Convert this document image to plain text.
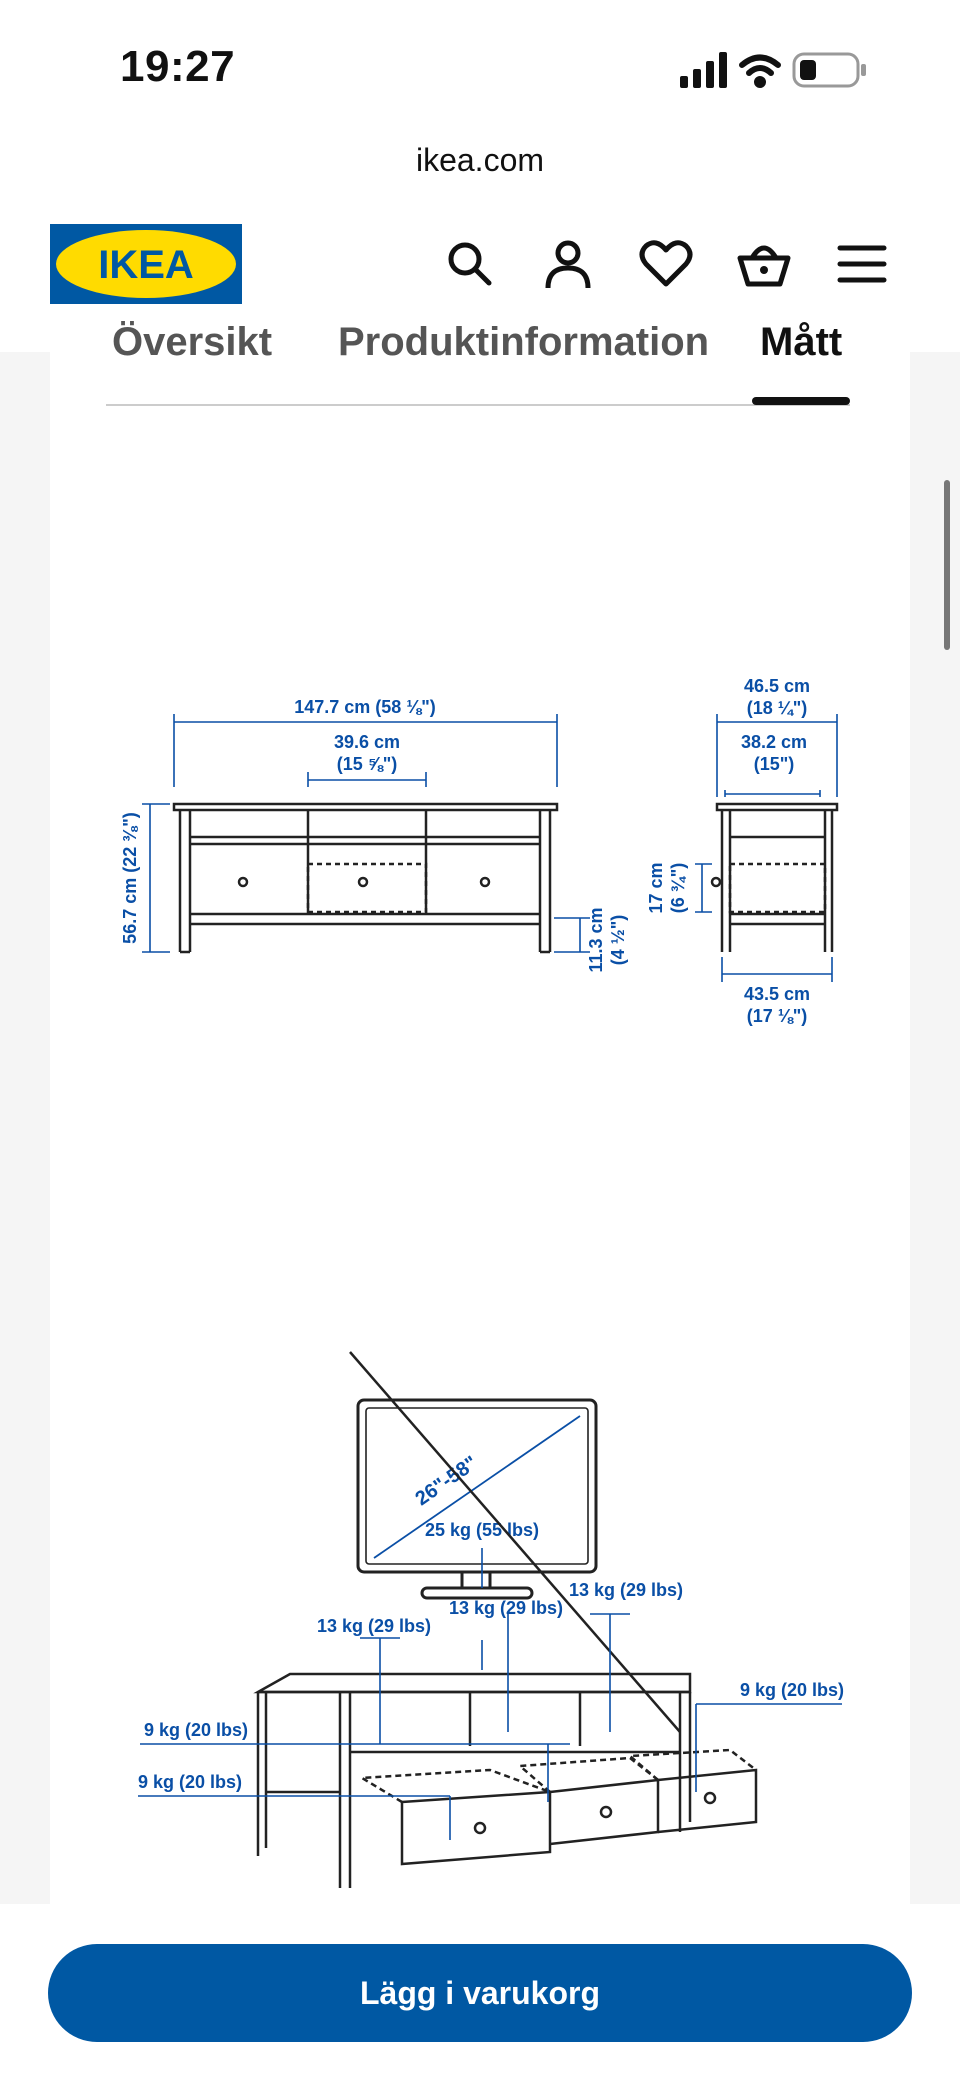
19:27
ikea.com
IKEA
Översikt Produktinformation Mått
147.7 cm (58 ⅛")
39.6 cm
(15 ⅝")
56.7 cm (22 ⅜")	11.3 cm (4 ½")
46.5 cm
(18 ¼")
38.2 cm
(15")
17 cm (6 ¾")
43.5 cm
(17 ⅛")
26"-58"
25 kg (55 lbs)
13 kg (29 lbs)
13 kg (29 lbs)
13 kg (29 lbs)
9 kg (20 lbs)
9 kg (20 lbs)
9 kg (20 lbs)
Lägg i varukorg
